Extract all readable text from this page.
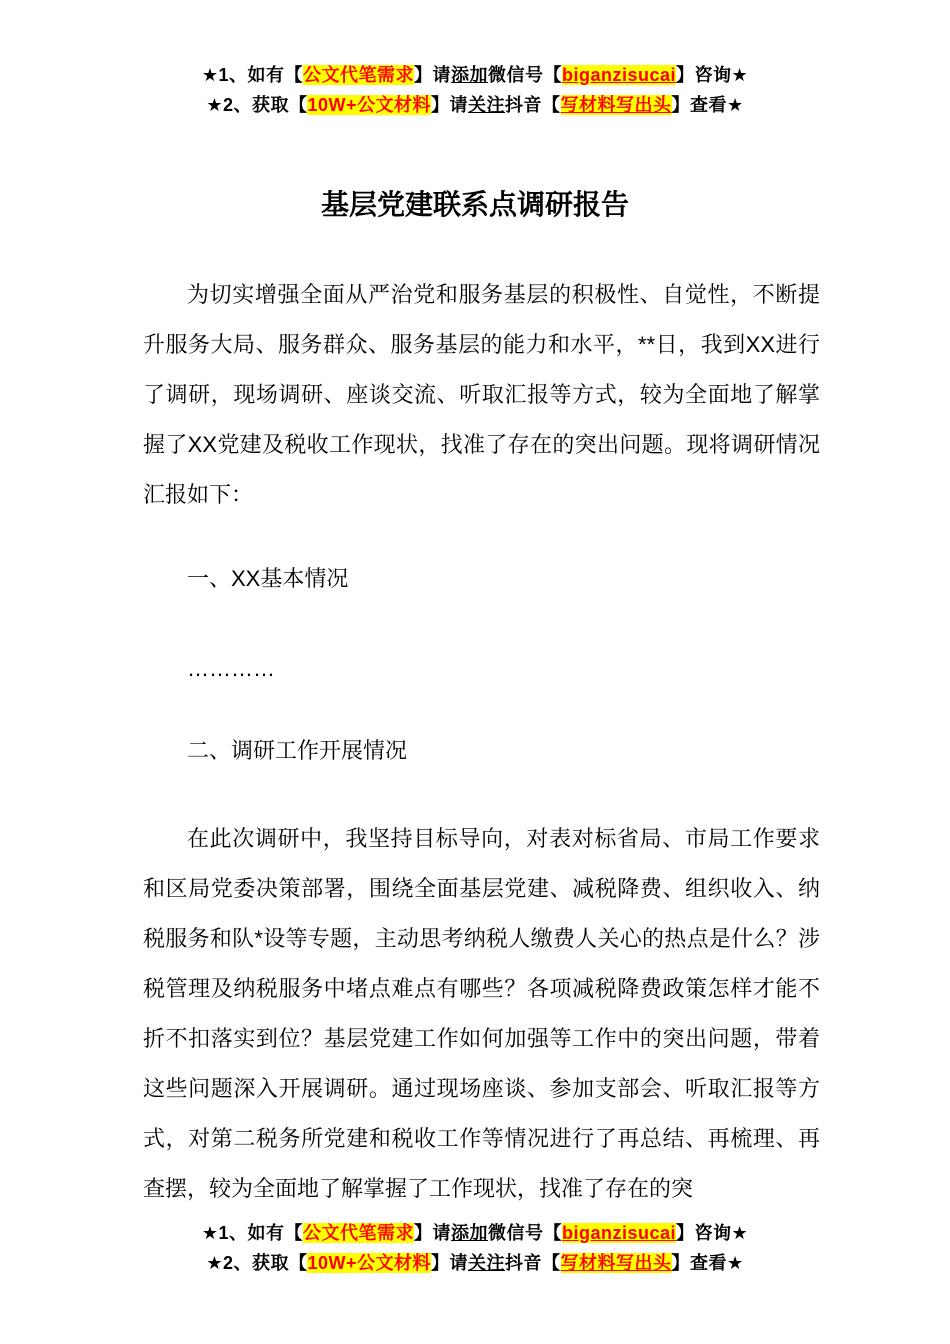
★1、如有【公文代笔需求】请添加微信号【biganzisucai】咨询★
★2、获取【10W+公文材料】请关注抖音【写材料写出头】查看★
基层党建联系点调研报告

为切实增强全面从严治党和服务基层的积极性、自觉性，不断提升服务大局、服务群众、服务基层的能力和水平，**日，我到XX进行了调研，现场调研、座谈交流、听取汇报等方式，较为全面地了解掌握了XX党建及税收工作现状，找准了存在的突出问题。现将调研情况汇报如下：

一、XX基本情况

…………

二、调研工作开展情况

在此次调研中，我坚持目标导向，对表对标省局、市局工作要求和区局党委决策部署，围绕全面基层党建、减税降费、组织收入、纳税服务和队*设等专题，主动思考纳税人缴费人关心的热点是什么？涉税管理及纳税服务中堵点难点有哪些？各项减税降费政策怎样才能不折不扣落实到位？基层党建工作如何加强等工作中的突出问题，带着这些问题深入开展调研。通过现场座谈、参加支部会、听取汇报等方式，对第二税务所党建和税收工作等情况进行了再总结、再梳理、再查摆，较为全面地了解掌握了工作现状，找准了存在的突

★1、如有【公文代笔需求】请添加微信号【biganzisucai】咨询★
★2、获取【10W+公文材料】请关注抖音【写材料写出头】查看★
